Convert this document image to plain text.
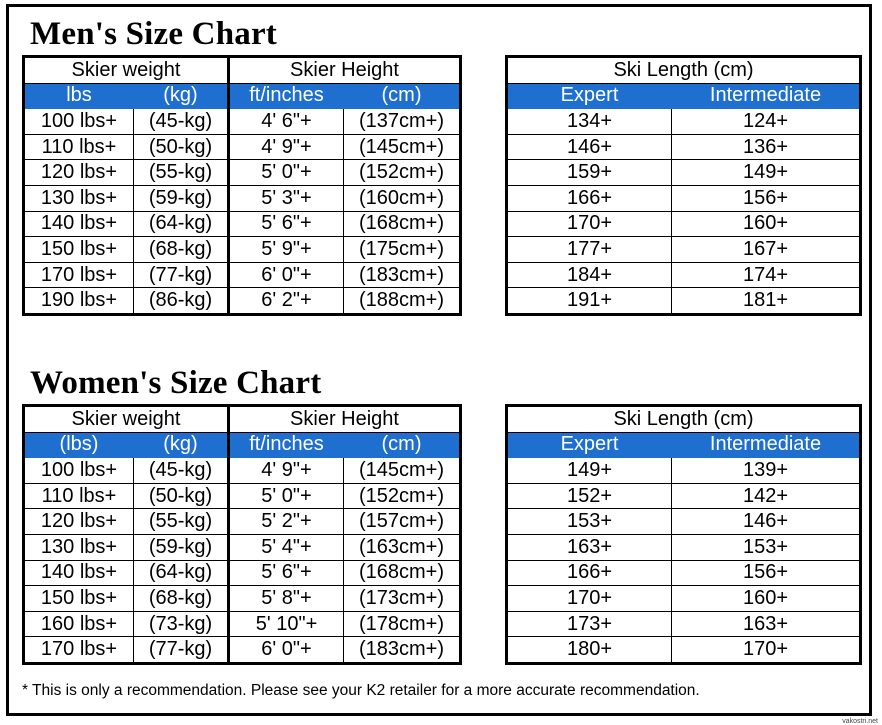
Men's Size Chart
Skier weight		Skier Height	
lbs	(kg)	ft/inches	(cm)
100 lbs+	(45-kg)	4' 6"+	(137cm+)
110 lbs+	(50-kg)	4' 9"+	(145cm+)
120 lbs+	(55-kg)	5' 0"+	(152cm+)
130 lbs+	(59-kg)	5' 3"+	(160cm+)
140 lbs+	(64-kg)	5' 6"+	(168cm+)
150 lbs+	(68-kg)	5' 9"+	(175cm+)
170 lbs+	(77-kg)	6' 0"+	(183cm+)
190 lbs+	(86-kg)	6' 2"+	(188cm+)
Ski Length (cm)	
Expert	Intermediate
134+	124+
146+	136+
159+	149+
166+	156+
170+	160+
177+	167+
184+	174+
191+	181+
Women's Size Chart
Skier weight		Skier Height	
(lbs)	(kg)	ft/inches	(cm)
100 lbs+	(45-kg)	4' 9"+	(145cm+)
110 lbs+	(50-kg)	5' 0"+	(152cm+)
120 lbs+	(55-kg)	5' 2"+	(157cm+)
130 lbs+	(59-kg)	5' 4"+	(163cm+)
140 lbs+	(64-kg)	5' 6"+	(168cm+)
150 lbs+	(68-kg)	5' 8"+	(173cm+)
160 lbs+	(73-kg)	5' 10"+	(178cm+)
170 lbs+	(77-kg)	6' 0"+	(183cm+)
Ski Length (cm)	
Expert	Intermediate
149+	139+
152+	142+
153+	146+
163+	153+
166+	156+
170+	160+
173+	163+
180+	170+
* This is only a recommendation. Please see your K2 retailer for a more accurate recommendation.
vakostri.net
